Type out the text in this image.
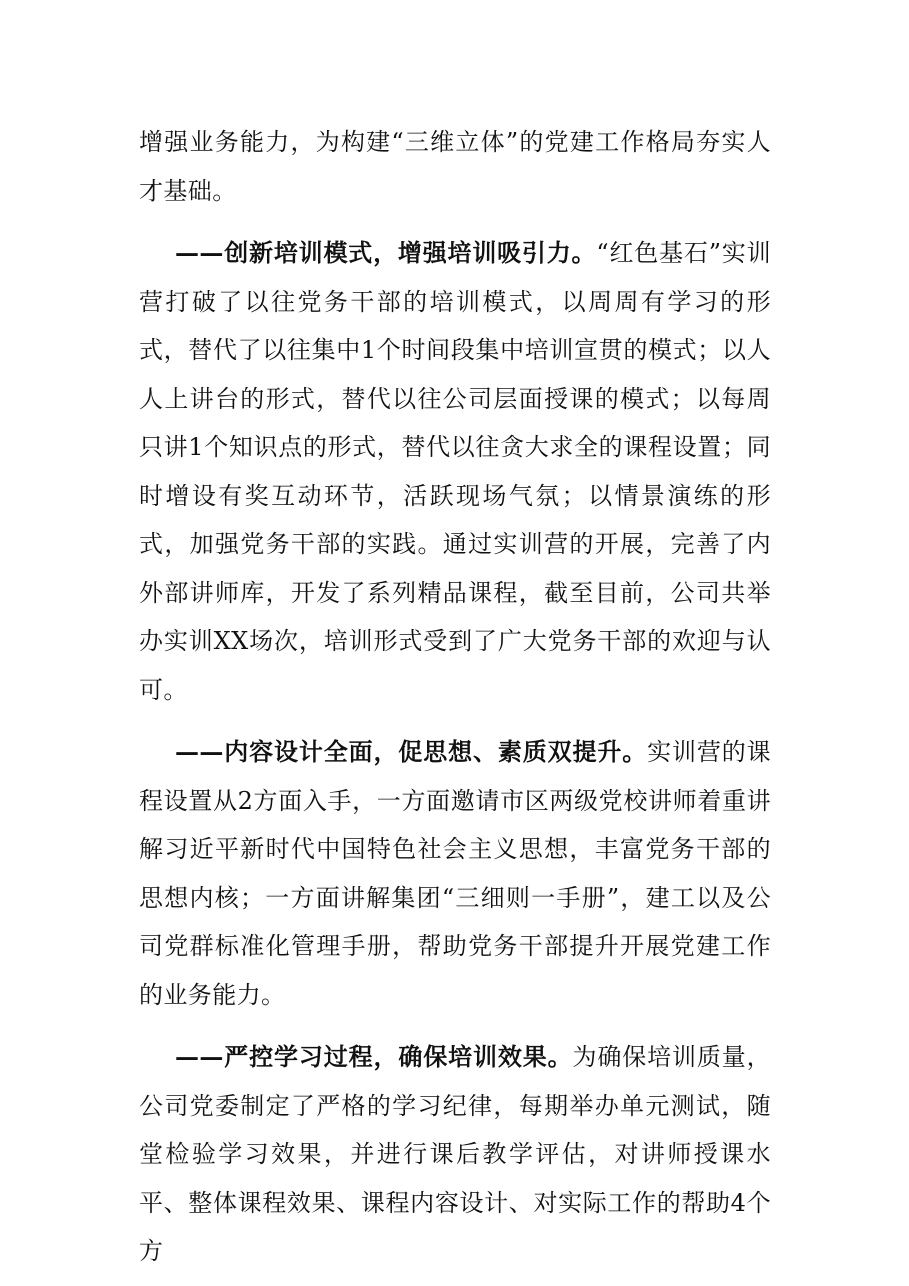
增强业务能力，为构建“三维立体”的党建工作格局夯实人才基础。

——创新培训模式，增强培训吸引力。“红色基石”实训营打破了以往党务干部的培训模式，以周周有学习的形式，替代了以往集中1个时间段集中培训宣贯的模式；以人人上讲台的形式，替代以往公司层面授课的模式；以每周只讲1个知识点的形式，替代以往贪大求全的课程设置；同时增设有奖互动环节，活跃现场气氛；以情景演练的形式，加强党务干部的实践。通过实训营的开展，完善了内外部讲师库，开发了系列精品课程，截至目前，公司共举办实训XX场次，培训形式受到了广大党务干部的欢迎与认可。

——内容设计全面，促思想、素质双提升。实训营的课程设置从2方面入手，一方面邀请市区两级党校讲师着重讲解习近平新时代中国特色社会主义思想，丰富党务干部的思想内核；一方面讲解集团“三细则一手册”，建工以及公司党群标准化管理手册，帮助党务干部提升开展党建工作的业务能力。

——严控学习过程，确保培训效果。为确保培训质量，公司党委制定了严格的学习纪律，每期举办单元测试，随堂检验学习效果，并进行课后教学评估，对讲师授课水平、整体课程效果、课程内容设计、对实际工作的帮助4个方
